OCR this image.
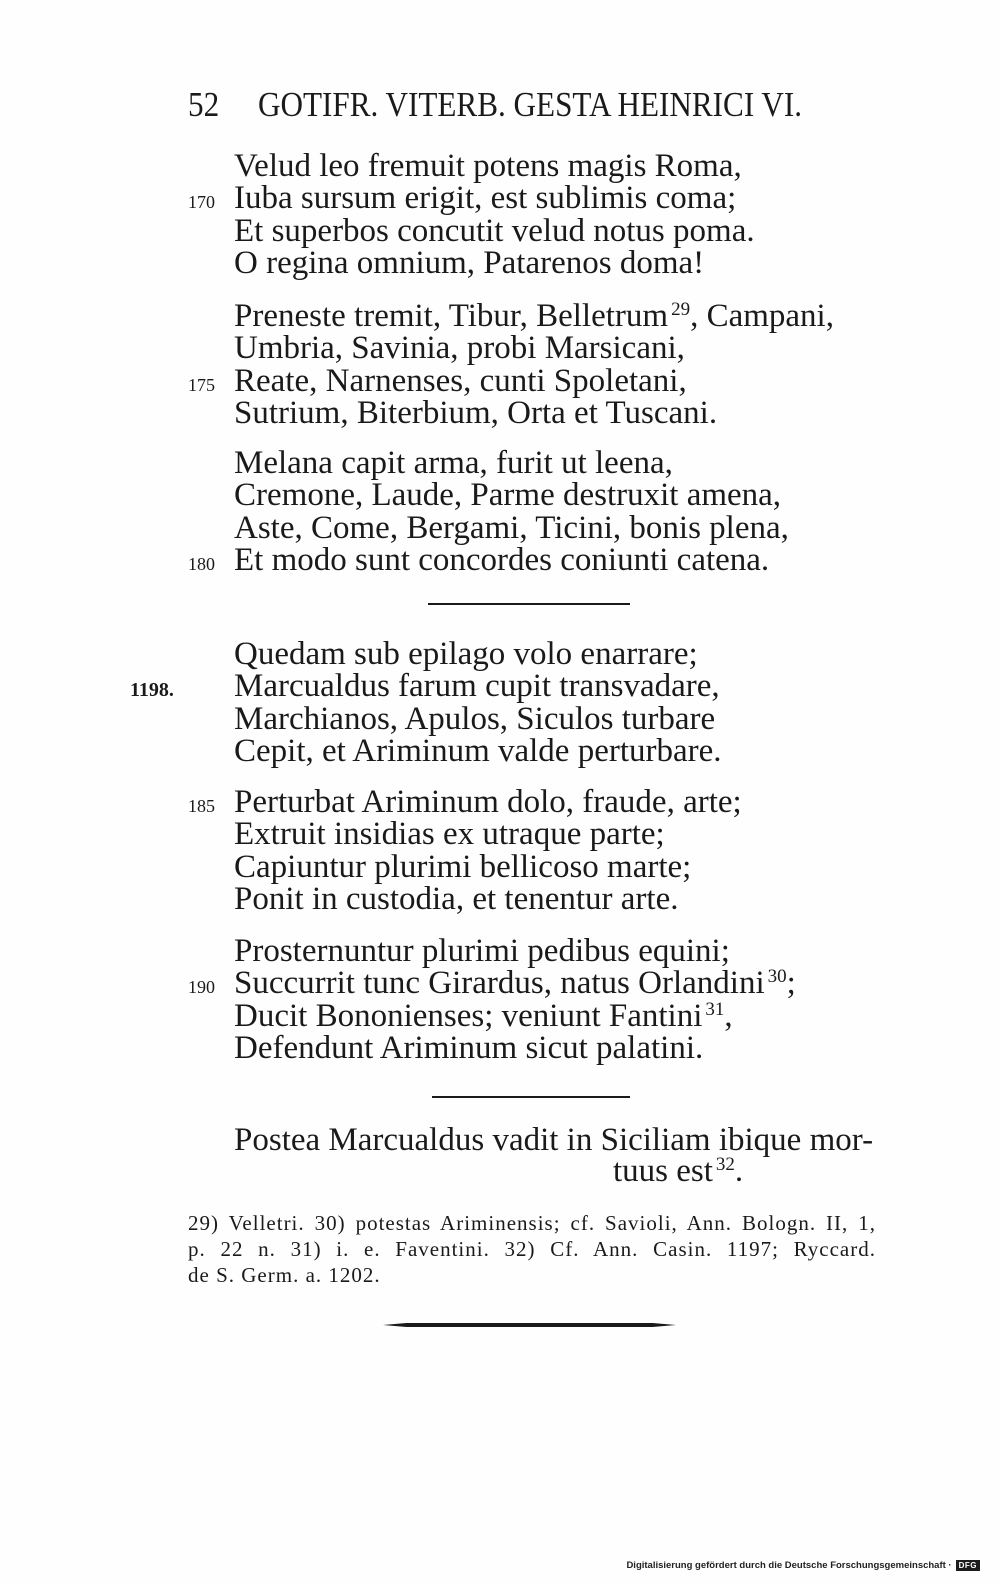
52 GOTIFR. VITERB. GESTA HEINRICI VI.
Velud leo fremuit potens magis Roma,
170 Iuba sursum erigit, est sublimis coma;
Et superbos concutit velud notus poma.
O regina omnium, Patarenos doma!
Preneste tremit, Tibur, Belletrum $^{29}$, Campani,
Umbria, Savinia, probi Marsicani,
175 Reate, Narnenses, cunti Spoletani,
Sutrium, Biterbium, Orta et Tuscani.
Melana capit arma, furit ut leena,
Cremone, Laude, Parme destruxit amena,
Aste, Come, Bergami, Ticini, bonis plena,
180 Et modo sunt concordes coniunti catena.
Quedam sub epilago volo enarrare;
1198. Marcualdus farum cupit transvadare,
Marchianos, Apulos, Siculos turbare
Cepit, et Ariminum valde perturbare.
185 Perturbat Ariminum dolo, fraude, arte;
Extruit insidias ex utraque parte;
Capiuntur plurimi bellicoso marte;
Ponit in custodia, et tenentur arte.
Prosternuntur plurimi pedibus equini;
190 Succurrit tunc Girardus, natus Orlandini $^{30}$;
Ducit Bononienses; veniunt Fantini $^{31}$,
Defendunt Ariminum sicut palatini.
Postea Marcualdus vadit in Siciliam ibique mor-
tuus est $^{32}$.
29) Velletri. 30) potestas Ariminensis; cf. Savioli, Ann. Bologn. II, 1,
p. 22 n. 31) i. e. Faventini. 32) Cf. Ann. Casin. 1197; Ryccard.
de S. Germ. a. 1202.
Digitalisierung gefördert durch die Deutsche Forschungsgemeinschaft · DFG
